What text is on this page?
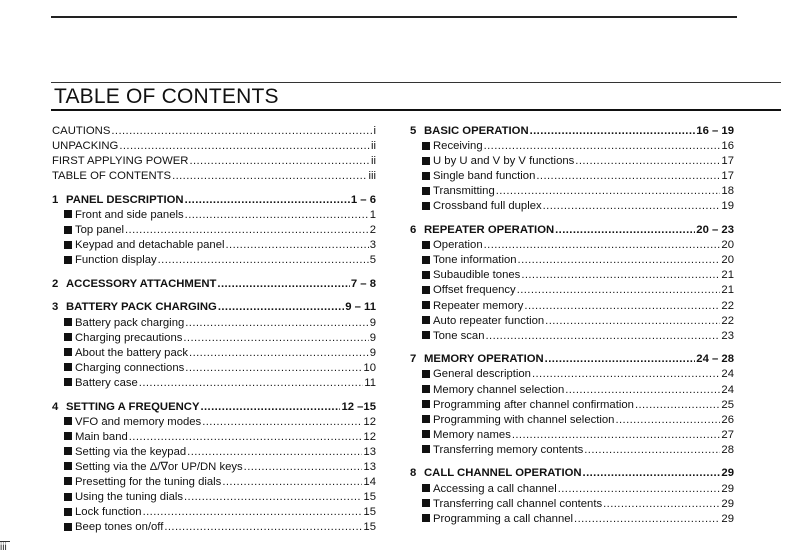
TABLE OF CONTENTS
CAUTIONS .....	i
UNPACKING .....	ii
FIRST APPLYING POWER .....	ii
TABLE OF CONTENTS .....	iii
1 PANEL DESCRIPTION .....	1 – 6
Front and side panels .....	1
Top panel .....	2
Keypad and detachable panel .....	3
Function display .....	5
2 ACCESSORY ATTACHMENT .....	7 – 8
3 BATTERY PACK CHARGING .....	9 – 11
Battery pack charging .....	9
Charging precautions .....	9
About the battery pack .....	9
Charging connections .....	10
Battery case .....	11
4 SETTING A FREQUENCY .....	12 –15
VFO and memory modes .....	12
Main band .....	12
Setting via the keypad .....	13
Setting via the Δ/∇or UP/DN keys .....	13
Presetting for the tuning dials .....	14
Using the tuning dials .....	15
Lock function .....	15
Beep tones on/off .....	15
5 BASIC OPERATION .....	16 – 19
Receiving .....	16
U by U and V by V functions .....	17
Single band function .....	17
Transmitting .....	18
Crossband full duplex .....	19
6 REPEATER OPERATION .....	20 – 23
Operation .....	20
Tone information .....	20
Subaudible tones .....	21
Offset frequency .....	21
Repeater memory .....	22
Auto repeater function .....	22
Tone scan .....	23
7 MEMORY OPERATION .....	24 – 28
General description .....	24
Memory channel selection .....	24
Programming after channel confirmation .....	25
Programming with channel selection .....	26
Memory names .....	27
Transferring memory contents .....	28
8 CALL CHANNEL OPERATION .....	29
Accessing a call channel .....	29
Transferring call channel contents .....	29
Programming a call channel .....	29
iii
